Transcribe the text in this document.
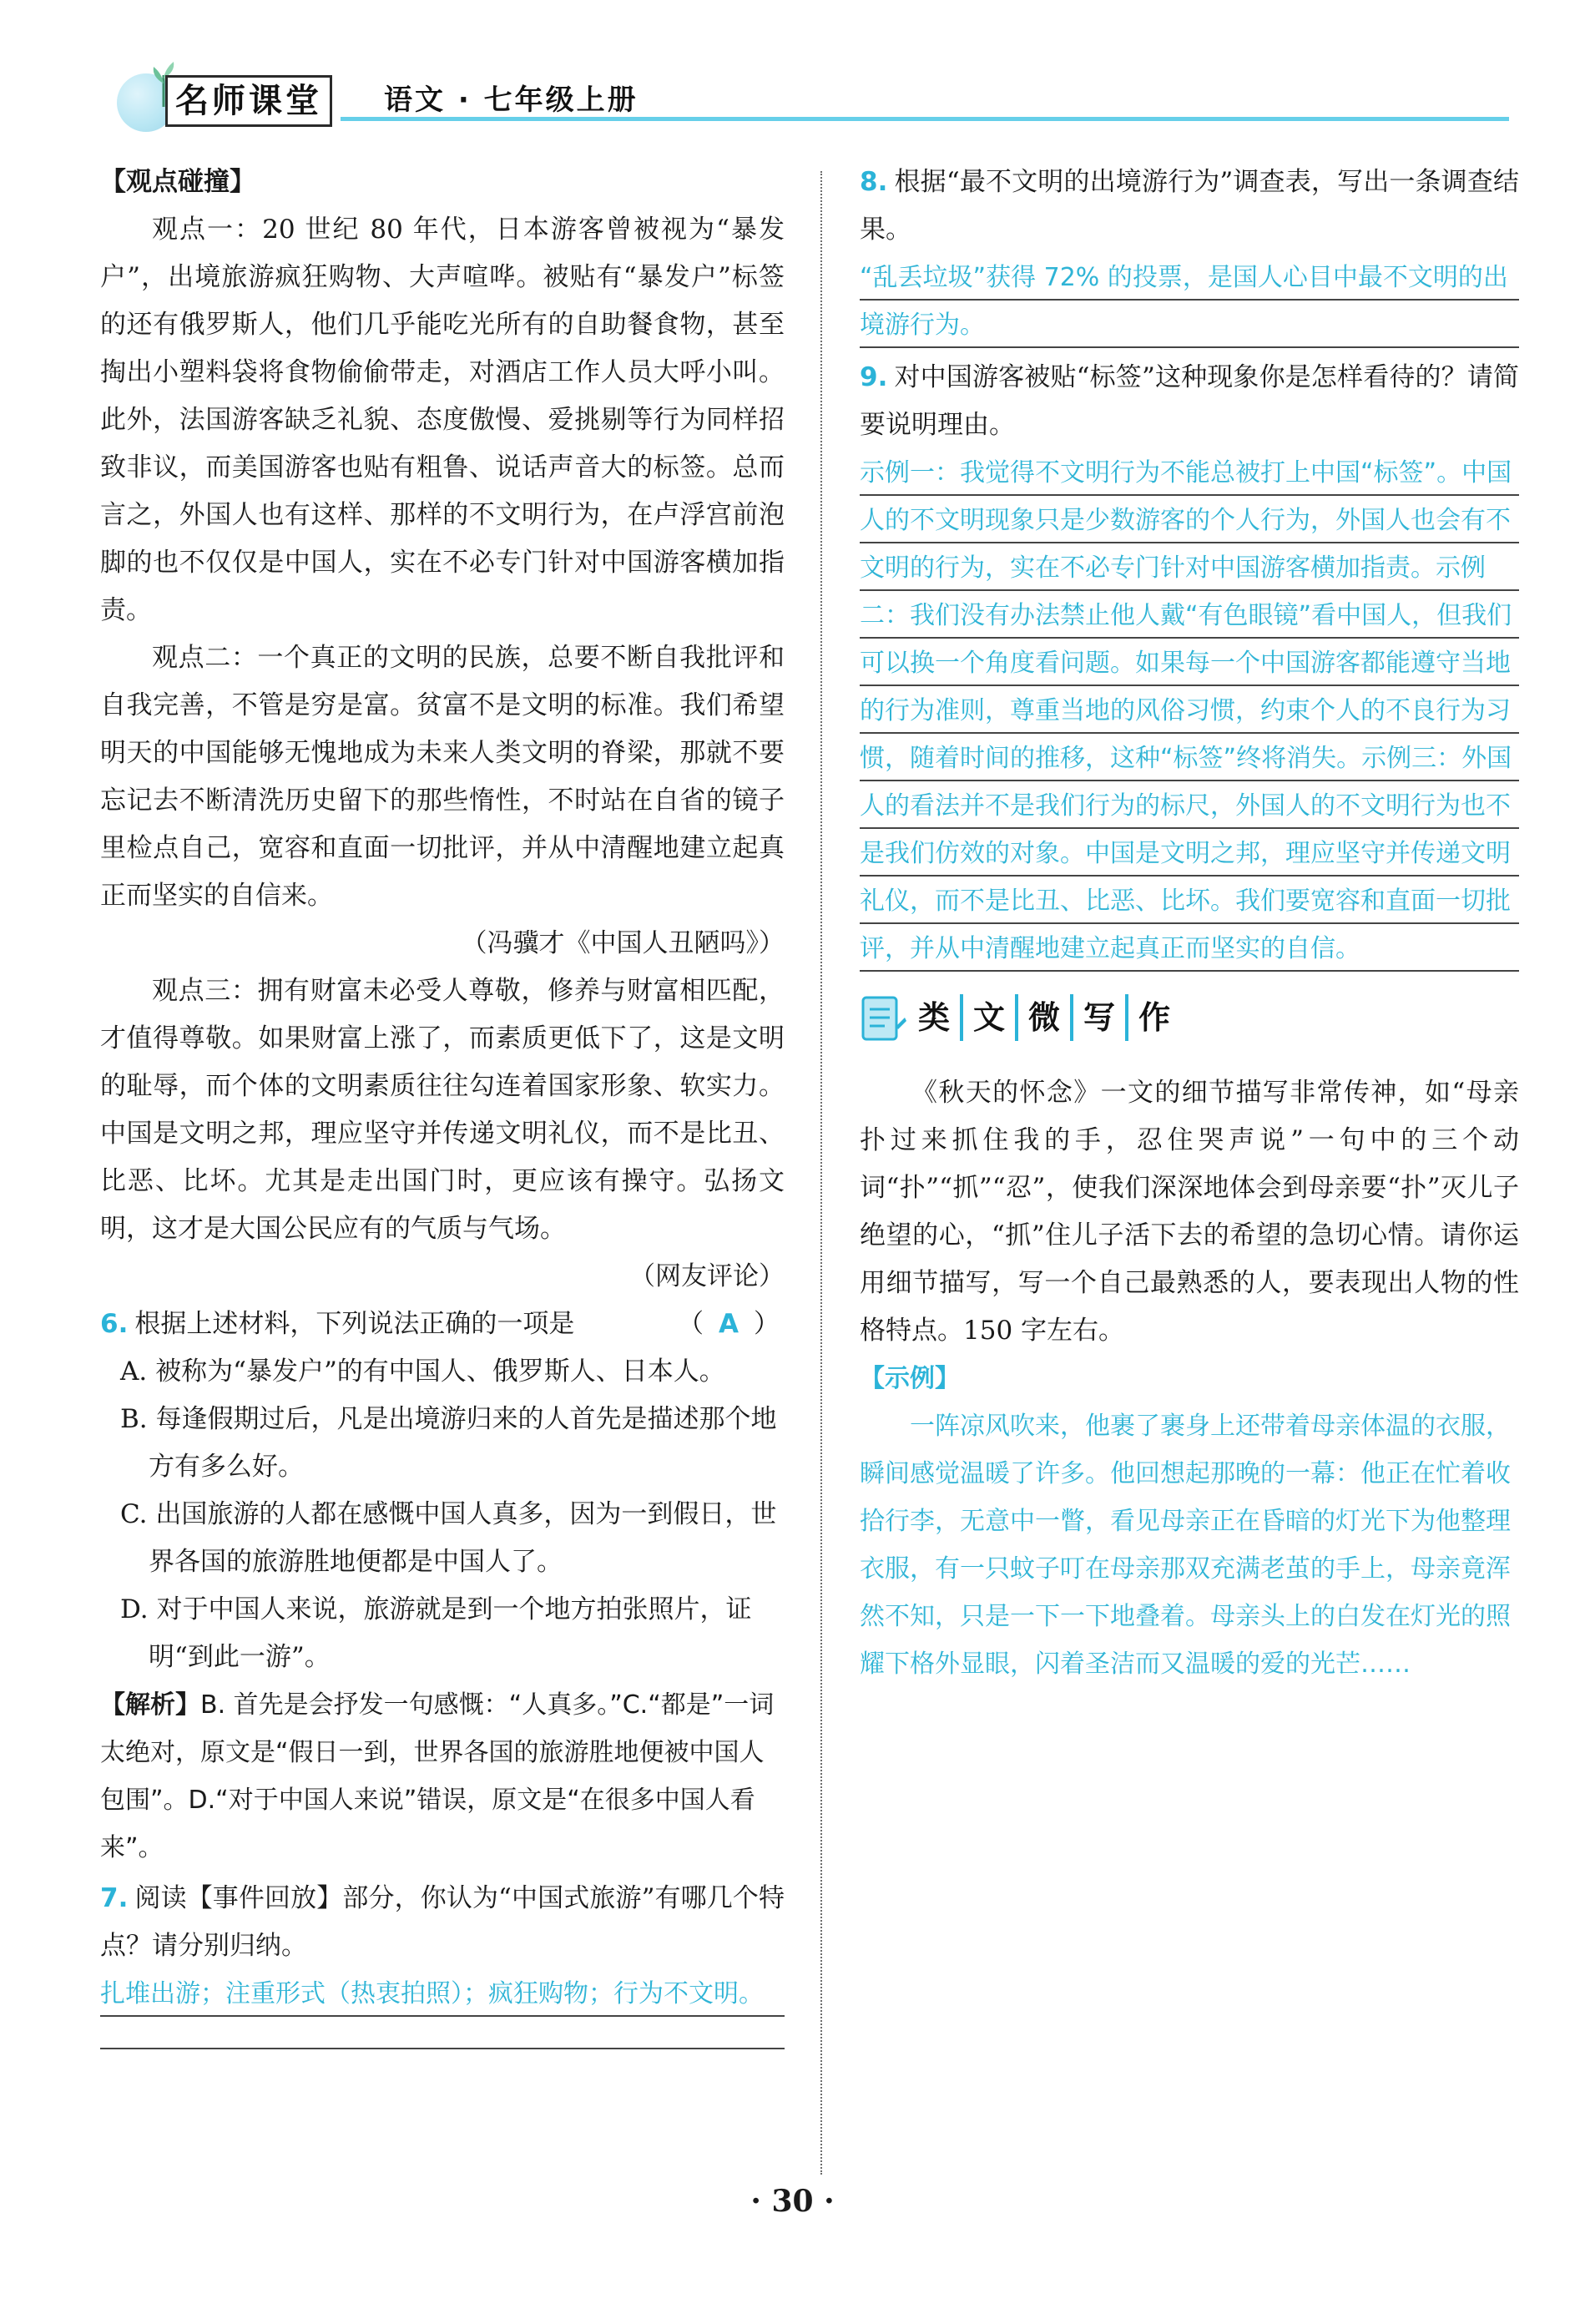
名师课堂	语文 · 七年级上册

【观点碰撞】

观点一：20 世纪 80 年代，日本游客曾被视为“暴发户”，出境旅游疯狂购物、大声喧哗。被贴有“暴发户”标签的还有俄罗斯人，他们几乎能吃光所有的自助餐食物，甚至掏出小塑料袋将食物偷偷带走，对酒店工作人员大呼小叫。此外，法国游客缺乏礼貌、态度傲慢、爱挑剔等行为同样招致非议，而美国游客也贴有粗鲁、说话声音大的标签。总而言之，外国人也有这样、那样的不文明行为，在卢浮宫前泡脚的也不仅仅是中国人，实在不必专门针对中国游客横加指责。

观点二：一个真正的文明的民族，总要不断自我批评和自我完善，不管是穷是富。贫富不是文明的标准。我们希望明天的中国能够无愧地成为未来人类文明的脊梁，那就不要忘记去不断清洗历史留下的那些惰性，不时站在自省的镜子里检点自己，宽容和直面一切批评，并从中清醒地建立起真正而坚实的自信来。

（冯骥才《中国人丑陋吗》）

观点三：拥有财富未必受人尊敬，修养与财富相匹配，才值得尊敬。如果财富上涨了，而素质更低下了，这是文明的耻辱，而个体的文明素质往往勾连着国家形象、软实力。中国是文明之邦，理应坚守并传递文明礼仪，而不是比丑、比恶、比坏。尤其是走出国门时，更应该有操守。弘扬文明，这才是大国公民应有的气质与气场。

（网友评论）

6. 根据上述材料，下列说法正确的一项是	（ A ）

A. 被称为“暴发户”的有中国人、俄罗斯人、日本人。

B. 每逢假期过后，凡是出境游归来的人首先是描述那个地方有多么好。

C. 出国旅游的人都在感慨中国人真多，因为一到假日，世界各国的旅游胜地便都是中国人了。

D. 对于中国人来说，旅游就是到一个地方拍张照片，证明“到此一游”。

【解析】B. 首先是会抒发一句感慨：“人真多。”C.“都是”一词太绝对，原文是“假日一到，世界各国的旅游胜地便被中国人包围”。D.“对于中国人来说”错误，原文是“在很多中国人看来”。

7. 阅读【事件回放】部分，你认为“中国式旅游”有哪几个特点？请分别归纳。

扎堆出游；注重形式（热衷拍照）；疯狂购物；行为不文明。

8. 根据“最不文明的出境游行为”调查表，写出一条调查结果。

“乱丢垃圾”获得 72% 的投票，是国人心目中最不文明的出境游行为。

9. 对中国游客被贴“标签”这种现象你是怎样看待的？请简要说明理由。

示例一：我觉得不文明行为不能总被打上中国“标签”。中国人的不文明现象只是少数游客的个人行为，外国人也会有不文明的行为，实在不必专门针对中国游客横加指责。示例二：我们没有办法禁止他人戴“有色眼镜”看中国人，但我们可以换一个角度看问题。如果每一个中国游客都能遵守当地的行为准则，尊重当地的风俗习惯，约束个人的不良行为习惯，随着时间的推移，这种“标签”终将消失。示例三：外国人的看法并不是我们行为的标尺，外国人的不文明行为也不是我们仿效的对象。中国是文明之邦，理应坚守并传递文明礼仪，而不是比丑、比恶、比坏。我们要宽容和直面一切批评，并从中清醒地建立起真正而坚实的自信。

类 文 微 写 作

《秋天的怀念》一文的细节描写非常传神，如“母亲扑过来抓住我的手，忍住哭声说”一句中的三个动词“扑”“抓”“忍”，使我们深深地体会到母亲要“扑”灭儿子绝望的心，“抓”住儿子活下去的希望的急切心情。请你运用细节描写，写一个自己最熟悉的人，要表现出人物的性格特点。150 字左右。

【示例】

一阵凉风吹来，他裹了裹身上还带着母亲体温的衣服，瞬间感觉温暖了许多。他回想起那晚的一幕：他正在忙着收拾行李，无意中一瞥，看见母亲正在昏暗的灯光下为他整理衣服，有一只蚊子叮在母亲那双充满老茧的手上，母亲竟浑然不知，只是一下一下地叠着。母亲头上的白发在灯光的照耀下格外显眼，闪着圣洁而又温暖的爱的光芒……

· 30 ·
